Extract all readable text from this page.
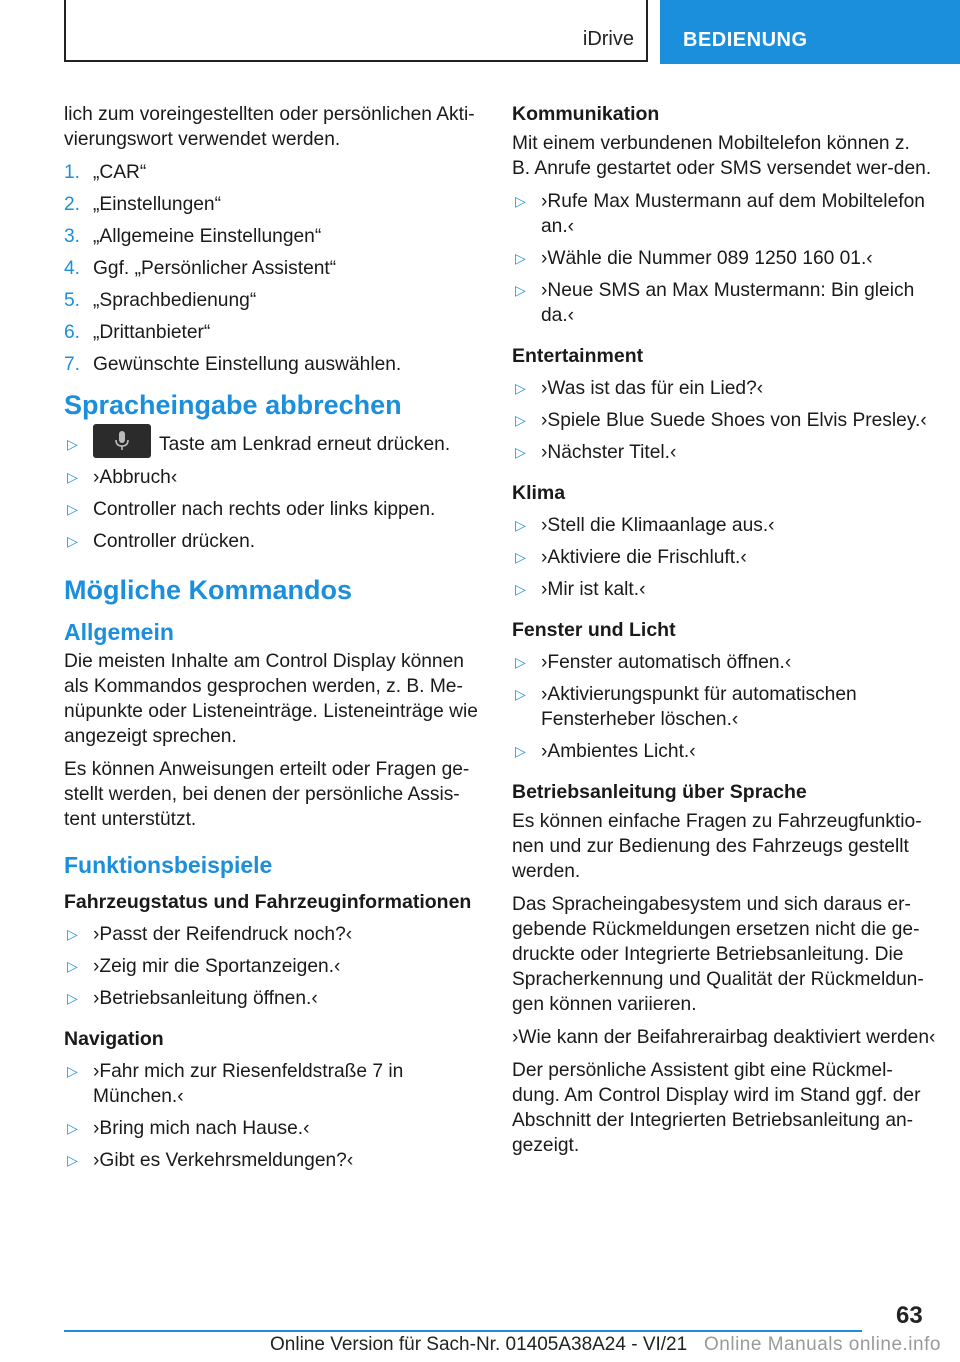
iDrive BEDIENUNG

lich zum voreingestellten oder persönlichen Akti-vierungswort verwendet werden.

1. „CAR“
2. „Einstellungen“
3. „Allgemeine Einstellungen“
4. Ggf. „Persönlicher Assistent“
5. „Sprachbedienung“
6. „Drittanbieter“
7. Gewünschte Einstellung auswählen.
Spracheingabe abbrechen
▷	Taste am Lenkrad erneut drücken.
▷ ›Abbruch‹
▷ Controller nach rechts oder links kippen.
▷ Controller drücken.
Mögliche Kommandos
Allgemein

Die meisten Inhalte am Control Display können als Kommandos gesprochen werden, z. B. Me-nüpunkte oder Listeneinträge. Listeneinträge wie angezeigt sprechen.

Es können Anweisungen erteilt oder Fragen ge-stellt werden, bei denen der persönliche Assis-tent unterstützt.

Funktionsbeispiele
Fahrzeugstatus und Fahrzeuginformationen
▷ ›Passt der Reifendruck noch?‹
▷ ›Zeig mir die Sportanzeigen.‹
▷ ›Betriebsanleitung öffnen.‹
Navigation
▷ ›Fahr mich zur Riesenfeldstraße 7 in München.‹
▷ ›Bring mich nach Hause.‹
▷ ›Gibt es Verkehrsmeldungen?‹
Kommunikation

Mit einem verbundenen Mobiltelefon können z. B. Anrufe gestartet oder SMS versendet wer-den.

▷ ›Rufe Max Mustermann auf dem Mobiltelefon an.‹
▷ ›Wähle die Nummer 089 1250 160 01.‹
▷ ›Neue SMS an Max Mustermann: Bin gleich da.‹
Entertainment
▷ ›Was ist das für ein Lied?‹
▷ ›Spiele Blue Suede Shoes von Elvis Presley.‹
▷ ›Nächster Titel.‹
Klima
▷ ›Stell die Klimaanlage aus.‹
▷ ›Aktiviere die Frischluft.‹
▷ ›Mir ist kalt.‹
Fenster und Licht
▷ ›Fenster automatisch öffnen.‹
▷ ›Aktivierungspunkt für automatischen Fensterheber löschen.‹
▷ ›Ambientes Licht.‹
Betriebsanleitung über Sprache

Es können einfache Fragen zu Fahrzeugfunktio-nen und zur Bedienung des Fahrzeugs gestellt werden.

Das Spracheingabesystem und sich daraus er-gebende Rückmeldungen ersetzen nicht die ge-druckte oder Integrierte Betriebsanleitung. Die Spracherkennung und Qualität der Rückmeldun-gen können variieren.

›Wie kann der Beifahrerairbag deaktiviert werden‹

Der persönliche Assistent gibt eine Rückmel-dung. Am Control Display wird im Stand ggf. der Abschnitt der Integrierten Betriebsanleitung an-gezeigt.

63
Online Version für Sach-Nr. 01405A38A24 - VI/21 Online Manuals online.info
